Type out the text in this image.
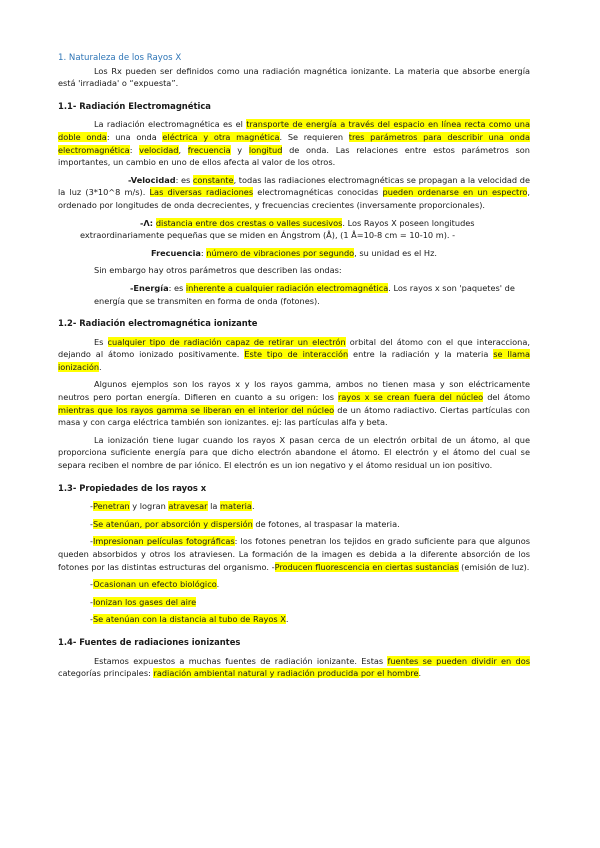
1. Naturaleza de los Rayos X

Los Rx pueden ser definidos como una radiación magnética ionizante. La materia que absorbe energía está 'irradiada' o “expuesta”.

1.1- Radiación Electromagnética

La radiación electromagnética es el transporte de energía a través del espacio en línea recta como una doble onda: una onda eléctrica y otra magnética. Se requieren tres parámetros para describir una onda electromagnética: velocidad, frecuencia y longitud de onda. Las relaciones entre estos parámetros son importantes, un cambio en uno de ellos afecta al valor de los otros.

-Velocidad: es constante, todas las radiaciones electromagnéticas se propagan a la velocidad de la luz (3*10^8 m/s). Las diversas radiaciones electromagnéticas conocidas pueden ordenarse en un espectro, ordenado por longitudes de onda decrecientes, y frecuencias crecientes (inversamente proporcionales).

-Λ: distancia entre dos crestas o valles sucesivos. Los Rayos X poseen longitudes extraordinariamente pequeñas que se miden en Ángstrom (Å), (1 Å=10-8 cm = 10-10 m). -

Frecuencia: número de vibraciones por segundo, su unidad es el Hz.

Sin embargo hay otros parámetros que describen las ondas:

-Energía: es inherente a cualquier radiación electromagnética. Los rayos x son 'paquetes' de energía que se transmiten en forma de onda (fotones).

1.2- Radiación electromagnética ionizante

Es cualquier tipo de radiación capaz de retirar un electrón orbital del átomo con el que interacciona, dejando al átomo ionizado positivamente. Este tipo de interacción entre la radiación y la materia se llama ionización.

Algunos ejemplos son los rayos x y los rayos gamma, ambos no tienen masa y son eléctricamente neutros pero portan energía. Difieren en cuanto a su origen: los rayos x se crean fuera del núcleo del átomo mientras que los rayos gamma se liberan en el interior del núcleo de un átomo radiactivo. Ciertas partículas con masa y con carga eléctrica también son ionizantes. ej: las partículas alfa y beta.

La ionización tiene lugar cuando los rayos X pasan cerca de un electrón orbital de un átomo, al que proporciona suficiente energía para que dicho electrón abandone el átomo. El electrón y el átomo del cual se separa reciben el nombre de par iónico. El electrón es un ion negativo y el átomo residual un ion positivo.

1.3- Propiedades de los rayos x

-Penetran y logran atravesar la materia.

-Se atenúan, por absorción y dispersión de fotones, al traspasar la materia.

-Impresionan películas fotográficas: los fotones penetran los tejidos en grado suficiente para que algunos queden absorbidos y otros los atraviesen. La formación de la imagen es debida a la diferente absorción de los fotones por las distintas estructuras del organismo. -Producen fluorescencia en ciertas sustancias (emisión de luz).

-Ocasionan un efecto biológico.

-Ionizan los gases del aire

-Se atenúan con la distancia al tubo de Rayos X.

1.4- Fuentes de radiaciones ionizantes

Estamos expuestos a muchas fuentes de radiación ionizante. Estas fuentes se pueden dividir en dos categorías principales: radiación ambiental natural y radiación producida por el hombre.
